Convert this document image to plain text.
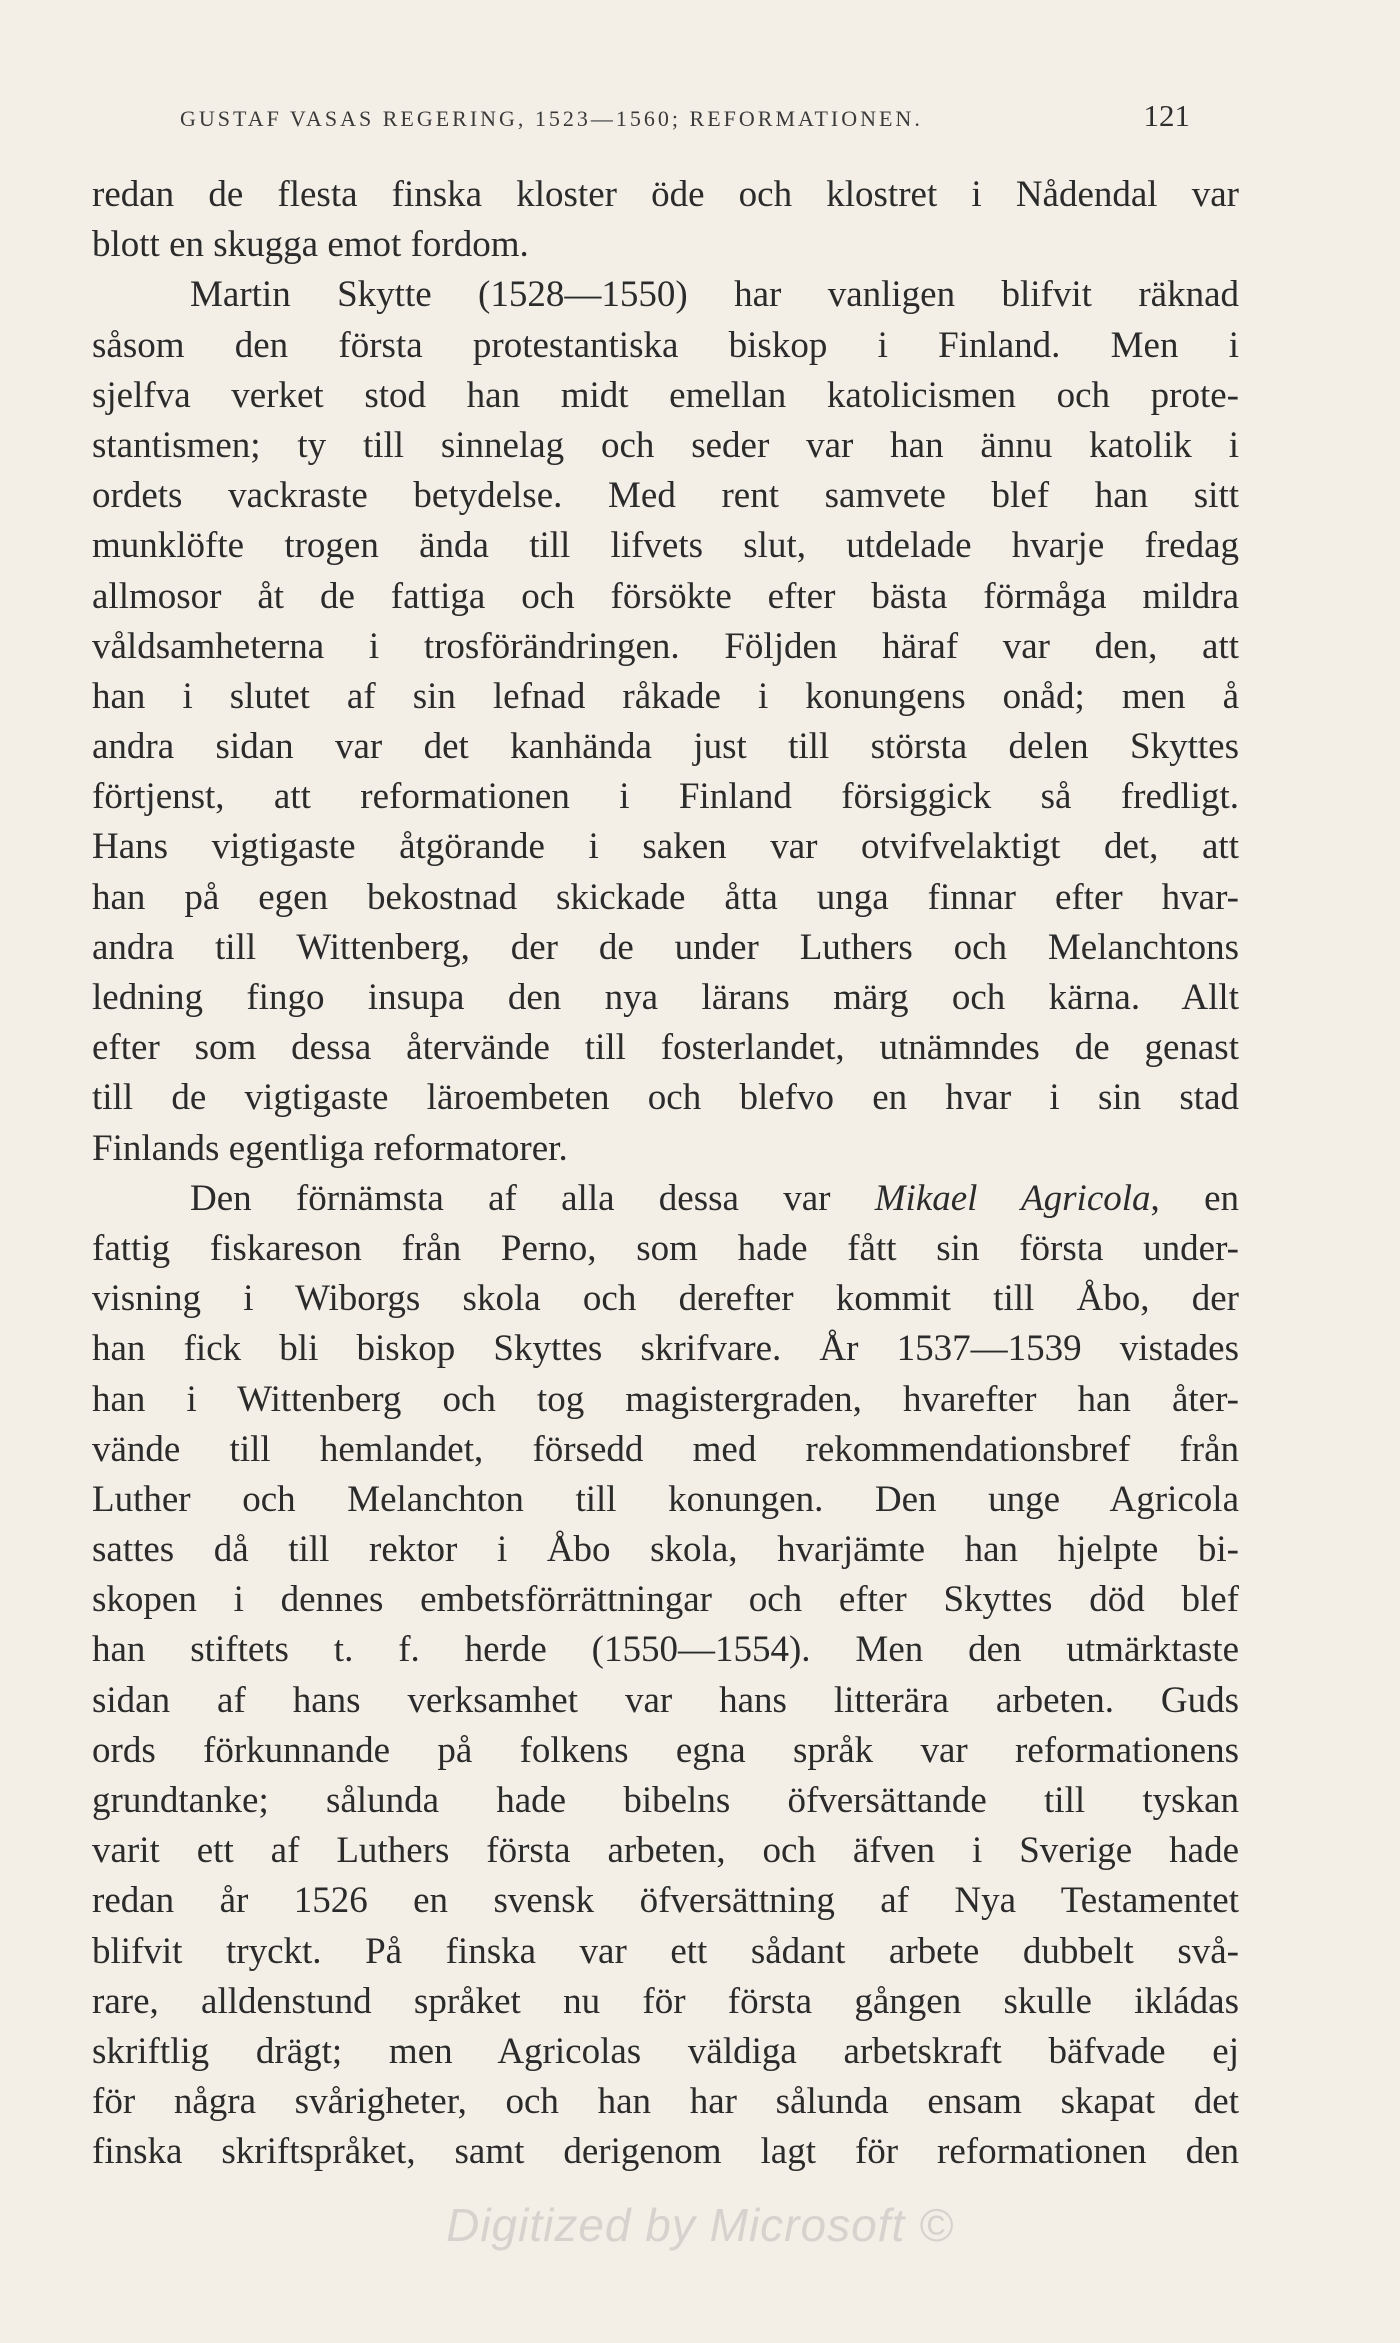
GUSTAF VASAS REGERING, 1523—1560; REFORMATIONEN.	121
redan de flesta finska kloster öde och klostret i Nådendal var
blott en skugga emot fordom.
Martin Skytte (1528—1550) har vanligen blifvit räknad
såsom den första protestantiska biskop i Finland. Men i
sjelfva verket stod han midt emellan katolicismen och prote-
stantismen; ty till sinnelag och seder var han ännu katolik i
ordets vackraste betydelse. Med rent samvete blef han sitt
munklöfte trogen ända till lifvets slut, utdelade hvarje fredag
allmosor åt de fattiga och försökte efter bästa förmåga mildra
våldsamheterna i trosförändringen. Följden häraf var den, att
han i slutet af sin lefnad råkade i konungens onåd; men å
andra sidan var det kanhända just till största delen Skyttes
förtjenst, att reformationen i Finland försiggick så fredligt.
Hans vigtigaste åtgörande i saken var otvifvelaktigt det, att
han på egen bekostnad skickade åtta unga finnar efter hvar-
andra till Wittenberg, der de under Luthers och Melanchtons
ledning fingo insupa den nya lärans märg och kärna. Allt
efter som dessa återvände till fosterlandet, utnämndes de genast
till de vigtigaste läroembeten och blefvo en hvar i sin stad
Finlands egentliga reformatorer.
Den förnämsta af alla dessa var Mikael Agricola, en
fattig fiskareson från Perno, som hade fått sin första under-
visning i Wiborgs skola och derefter kommit till Åbo, der
han fick bli biskop Skyttes skrifvare. År 1537—1539 vistades
han i Wittenberg och tog magistergraden, hvarefter han åter-
vände till hemlandet, försedd med rekommendationsbref från
Luther och Melanchton till konungen. Den unge Agricola
sattes då till rektor i Åbo skola, hvarjämte han hjelpte bi-
skopen i dennes embetsförrättningar och efter Skyttes död blef
han stiftets t. f. herde (1550—1554). Men den utmärktaste
sidan af hans verksamhet var hans litterära arbeten. Guds
ords förkunnande på folkens egna språk var reformationens
grundtanke; sålunda hade bibelns öfversättande till tyskan
varit ett af Luthers första arbeten, och äfven i Sverige hade
redan år 1526 en svensk öfversättning af Nya Testamentet
blifvit tryckt. På finska var ett sådant arbete dubbelt svå-
rare, alldenstund språket nu för första gången skulle ikládas
skriftlig drägt; men Agricolas väldiga arbetskraft bäfvade ej
för några svårigheter, och han har sålunda ensam skapat det
finska skriftspråket, samt derigenom lagt för reformationen den
Digitized by Microsoft ©
